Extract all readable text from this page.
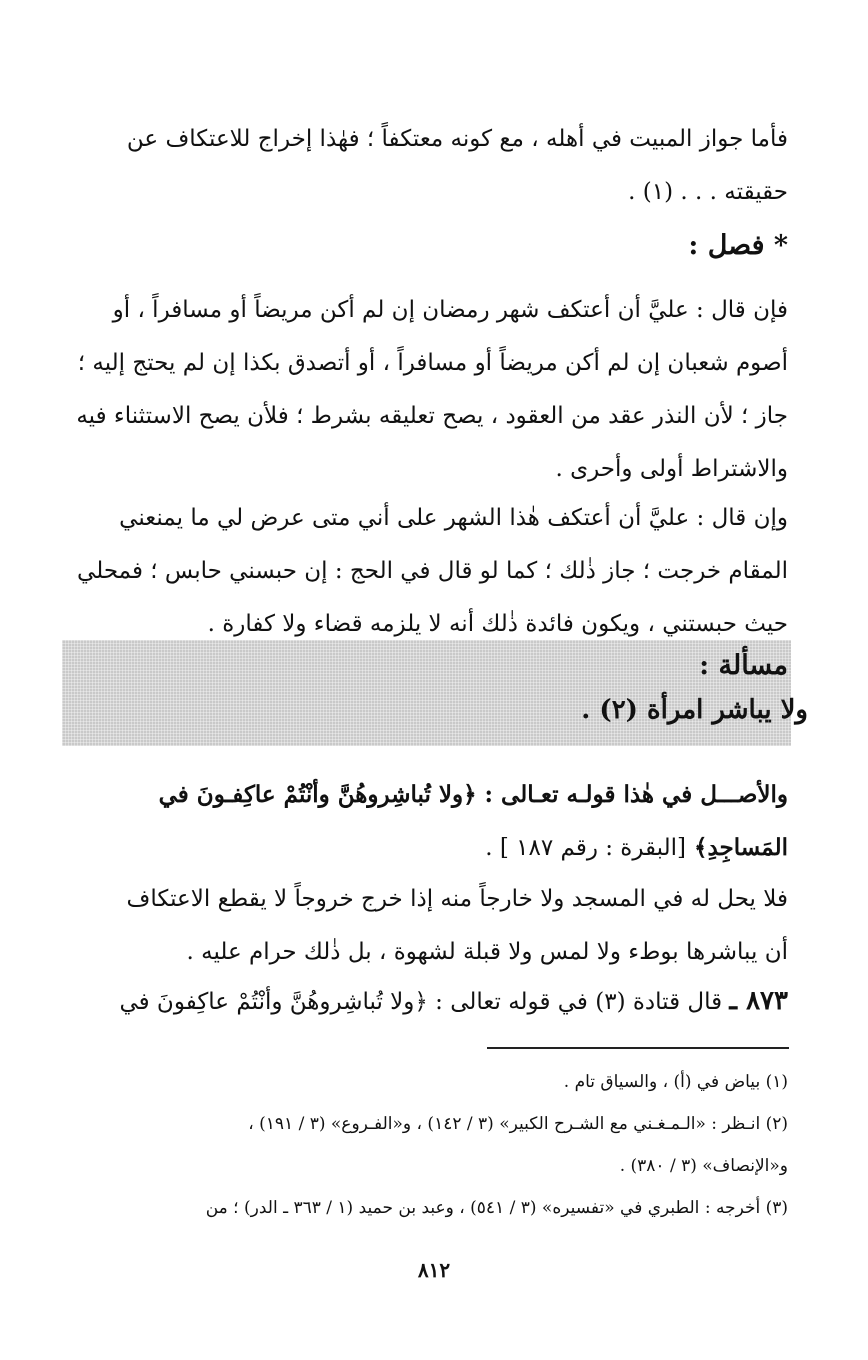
فأما جواز المبيت في أهله ، مع كونه معتكفاً ؛ فهٰذا إخراج للاعتكاف عن
حقيقته . . . (١) .
* فصل :
فإن قال : عليَّ أن أعتكف شهر رمضان إن لم أكن مريضاً أو مسافراً ، أو
أصوم شعبان إن لم أكن مريضاً أو مسافراً ، أو أتصدق بكذا إن لم يحتج إليه ؛
جاز ؛ لأن النذر عقد من العقود ، يصح تعليقه بشرط ؛ فلأن يصح الاستثناء فيه
والاشتراط أولى وأحرى .
وإن قال : عليَّ أن أعتكف هٰذا الشهر على أني متى عرض لي ما يمنعني
المقام خرجت ؛ جاز ذٰلك ؛ كما لو قال في الحج : إن حبسني حابس ؛ فمحلي
حيث حبستني ، ويكون فائدة ذٰلك أنه لا يلزمه قضاء ولا كفارة .
مسألة :
ولا يباشر امرأة (٢) .
والأصـــل في هٰذا قولـه تعـالى : ﴿ولا تُباشِروهُنَّ وأنْتُمْ عاكِفـونَ في
المَساجِدِ﴾ [البقرة : رقم ١٨٧ ] .
فلا يحل له في المسجد ولا خارجاً منه إذا خرج خروجاً لا يقطع الاعتكاف
أن يباشرها بوطء ولا لمس ولا قبلة لشهوة ، بل ذٰلك حرام عليه .
٨٧٣ ـ قال قتادة (٣) في قوله تعالى : ﴿ولا تُباشِروهُنَّ وأنْتُمْ عاكِفونَ في
(١) بياض في (أ) ، والسياق تام .
(٢) انـظر : «الـمـغـني مع الشـرح الكبير» (٣ / ١٤٢) ، و«الفـروع» (٣ / ١٩١) ،
و«الإنصاف» (٣ / ٣٨٠) .
(٣) أخرجه : الطبري في «تفسيره» (٣ / ٥٤١) ، وعبد بن حميد (١ / ٣٦٣ ـ الدر) ؛ من
٨١٢
